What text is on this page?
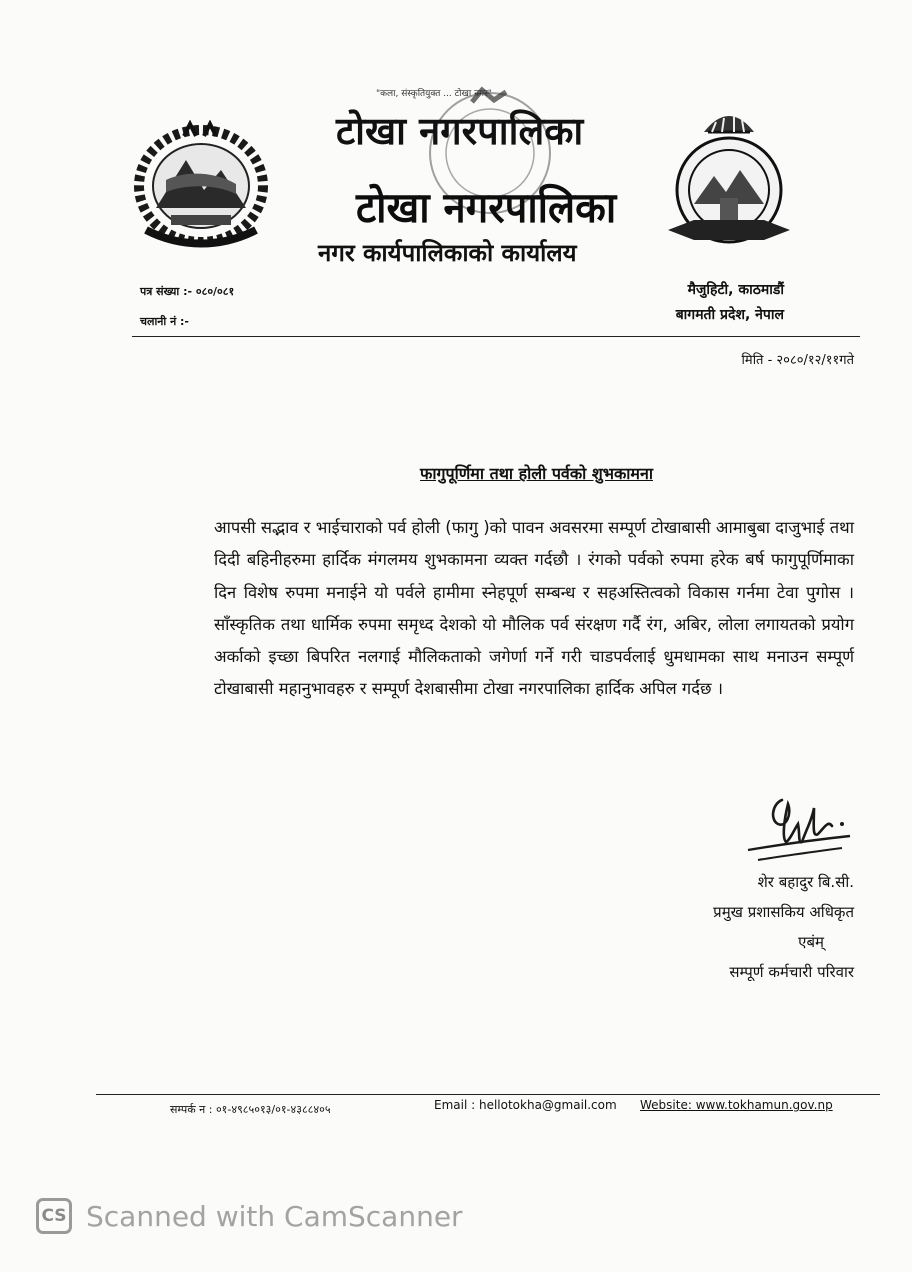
"कला, संस्कृतियुक्त ... टोखा नगर"
टोखा नगरपालिका
टोखा नगरपालिका
नगर कार्यपालिकाको कार्यालय
पत्र संख्या :- ०८०/०८१
चलानी नं :-
मैजुहिटी, काठमाडौं
बागमती प्रदेश, नेपाल
मिति - २०८०/१२/११गते
फागुपूर्णिमा तथा होली पर्वको शुभकामना
आपसी सद्भाव र भाईचाराको पर्व होली (फागु )को पावन अवसरमा सम्पूर्ण टोखाबासी आमाबुबा दाजुभाई तथा दिदी बहिनीहरुमा हार्दिक मंगलमय शुभकामना व्यक्त गर्दछौ । रंगको पर्वको रुपमा हरेक बर्ष फागुपूर्णिमाका दिन विशेष रुपमा मनाईने यो पर्वले हामीमा स्नेहपूर्ण सम्बन्ध र सहअस्तित्वको विकास गर्नमा टेवा पुगोस । साँस्कृतिक तथा धार्मिक रुपमा समृध्द देशको यो मौलिक पर्व संरक्षण गर्दै रंग, अबिर, लोला लगायतको प्रयोग अर्काको इच्छा बिपरित नलगाई मौलिकताको जगेर्णा गर्ने गरी चाडपर्वलाई धुमधामका साथ मनाउन सम्पूर्ण टोखाबासी महानुभावहरु र सम्पूर्ण देशबासीमा टोखा नगरपालिका हार्दिक अपिल गर्दछ ।
शेर बहादुर बि.सी.
प्रमुख प्रशासकिय अधिकृत
एबंम्
सम्पूर्ण कर्मचारी परिवार
सम्पर्क न : ०१-४९८५०१३/०१-४३८८४०५	Email : hellotokha@gmail.com Website: www.tokhamun.gov.np
CS Scanned with CamScanner
